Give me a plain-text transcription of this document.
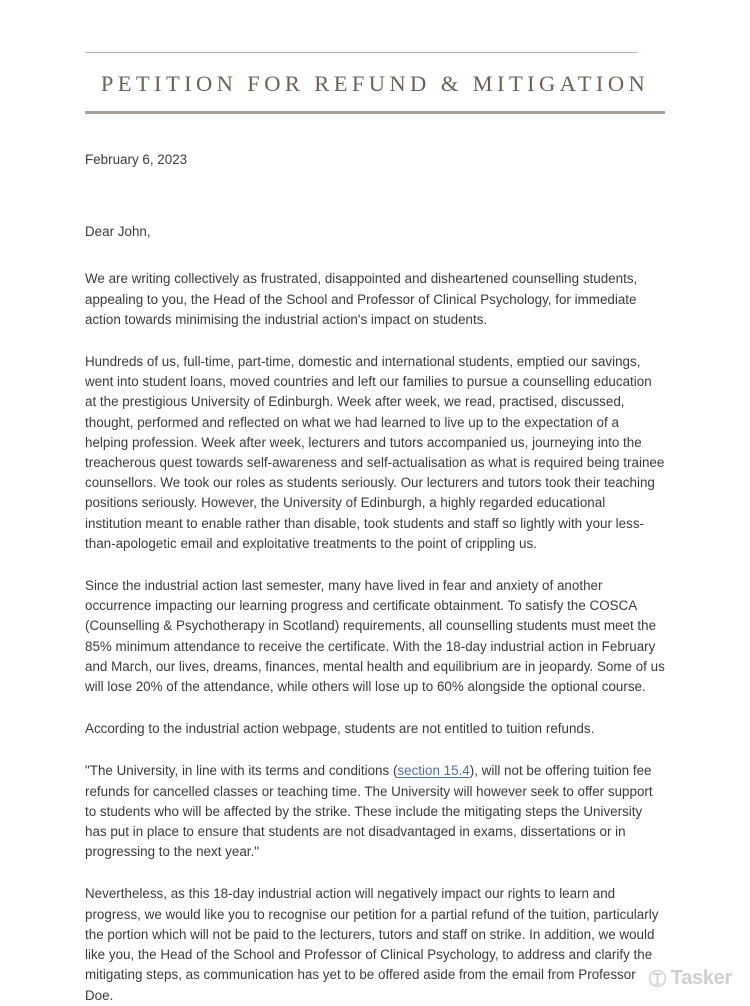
PETITION FOR REFUND & MITIGATION
February 6, 2023
Dear John,

We are writing collectively as frustrated, disappointed and disheartened counselling students, appealing to you, the Head of the School and Professor of Clinical Psychology, for immediate action towards minimising the industrial action's impact on students.

Hundreds of us, full-time, part-time, domestic and international students, emptied our savings, went into student loans, moved countries and left our families to pursue a counselling education at the prestigious University of Edinburgh. Week after week, we read, practised, discussed, thought, performed and reflected on what we had learned to live up to the expectation of a helping profession. Week after week, lecturers and tutors accompanied us, journeying into the treacherous quest towards self-awareness and self-actualisation as what is required being trainee counsellors. We took our roles as students seriously. Our lecturers and tutors took their teaching positions seriously. However, the University of Edinburgh, a highly regarded educational institution meant to enable rather than disable, took students and staff so lightly with your less-than-apologetic email and exploitative treatments to the point of crippling us.

Since the industrial action last semester, many have lived in fear and anxiety of another occurrence impacting our learning progress and certificate obtainment. To satisfy the COSCA (Counselling & Psychotherapy in Scotland) requirements, all counselling students must meet the 85% minimum attendance to receive the certificate. With the 18-day industrial action in February and March, our lives, dreams, finances, mental health and equilibrium are in jeopardy. Some of us will lose 20% of the attendance, while others will lose up to 60% alongside the optional course.

According to the industrial action webpage, students are not entitled to tuition refunds.

"The University, in line with its terms and conditions (section 15.4), will not be offering tuition fee refunds for cancelled classes or teaching time. The University will however seek to offer support to students who will be affected by the strike. These include the mitigating steps the University has put in place to ensure that students are not disadvantaged in exams, dissertations or in progressing to the next year."

Nevertheless, as this 18-day industrial action will negatively impact our rights to learn and progress, we would like you to recognise our petition for a partial refund of the tuition, particularly the portion which will not be paid to the lecturers, tutors and staff on strike. In addition, we would like you, the Head of the School and Professor of Clinical Psychology, to address and clarify the mitigating steps, as communication has yet to be offered aside from the email from Professor Doe.

Tasker
